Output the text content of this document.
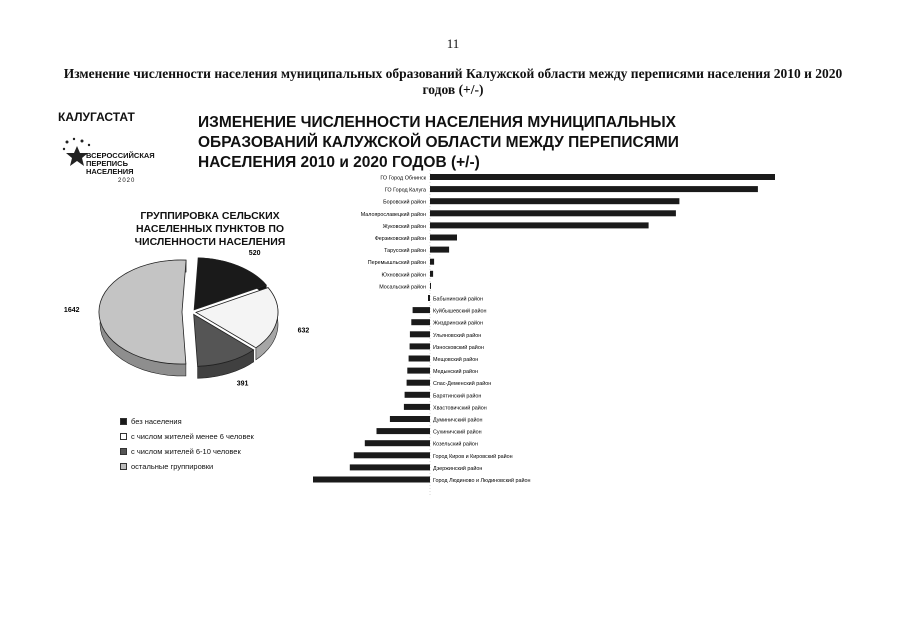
11
Изменение численности населения муниципальных образований Калужской области между переписями населения 2010 и 2020 годов (+/-)
КАЛУГАСТАТ
ВСЕРОССИЙСКАЯ
ПЕРЕПИСЬ
НАСЕЛЕНИЯ
2020
ИЗМЕНЕНИЕ ЧИСЛЕННОСТИ НАСЕЛЕНИЯ МУНИЦИПАЛЬНЫХ ОБРАЗОВАНИЙ КАЛУЖСКОЙ ОБЛАСТИ МЕЖДУ ПЕРЕПИСЯМИ НАСЕЛЕНИЯ 2010 и 2020 ГОДОВ (+/-)
ГРУППИРОВКА СЕЛЬСКИХ НАСЕЛЕННЫХ ПУНКТОВ ПО ЧИСЛЕННОСТИ НАСЕЛЕНИЯ
520
632
391
1642
без населения
с числом жителей менее 6 человек
с числом жителей 6-10 человек
остальные группировки
ГО Город Обнинск
ГО Город Калуга
Боровский район
Малоярославецкий район
Жуковский район
Ферзиковский район
Тарусский район
Перемышльский район
Юхновский район
Мосальский район
Бабынинский район
Куйбышевский район
Жиздринский район
Ульяновский район
Износковский район
Мещовский район
Медынский район
Спас-Деменский район
Барятинский район
Хвастовичский район
Думиничский район
Сухиничский район
Козельский район
Город Киров и Кировский район
Дзержинский район
Город Людиново и Людиновский район
